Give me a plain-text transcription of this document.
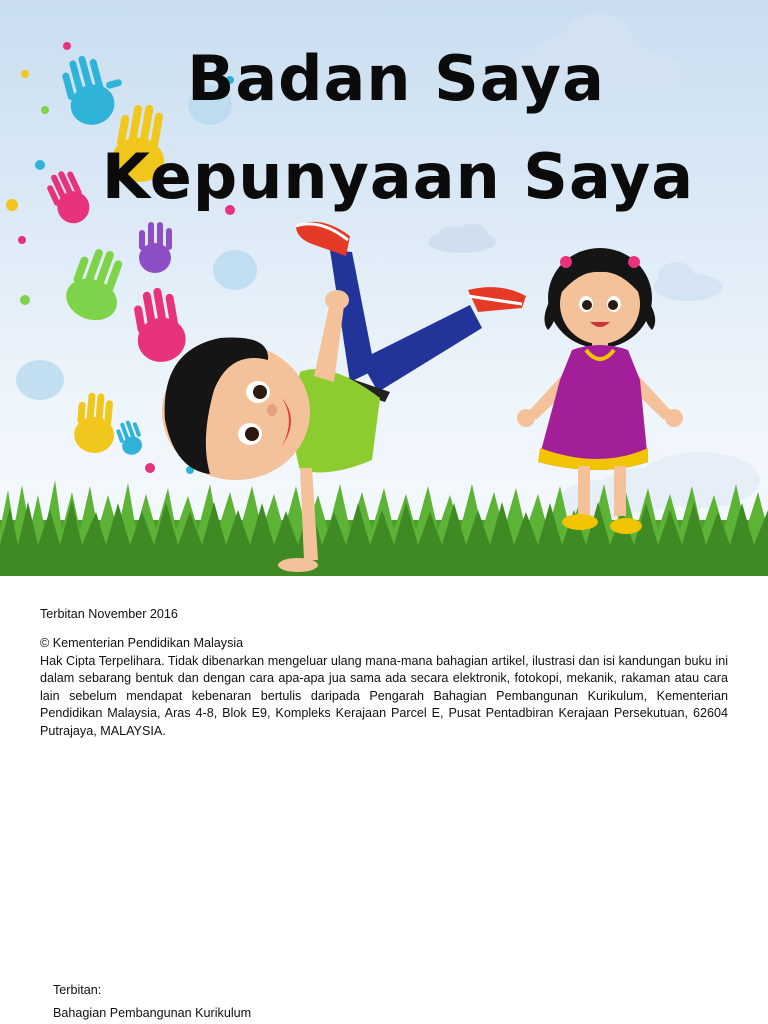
Badan Saya
Kepunyaan Saya
Terbitan November 2016

© Kementerian Pendidikan Malaysia

Hak Cipta Terpelihara. Tidak dibenarkan mengeluar ulang mana-mana bahagian artikel, ilustrasi dan isi kandungan buku ini dalam sebarang bentuk dan dengan cara apa-apa jua sama ada secara elektronik, fotokopi, mekanik, rakaman atau cara lain sebelum mendapat kebenaran bertulis daripada Pengarah Bahagian Pembangunan Kurikulum, Kementerian Pendidikan Malaysia, Aras 4-8, Blok E9, Kompleks Kerajaan Parcel E, Pusat Pentadbiran Kerajaan Persekutuan, 62604 Putrajaya, MALAYSIA.

Terbitan:
Bahagian Pembangunan Kurikulum
